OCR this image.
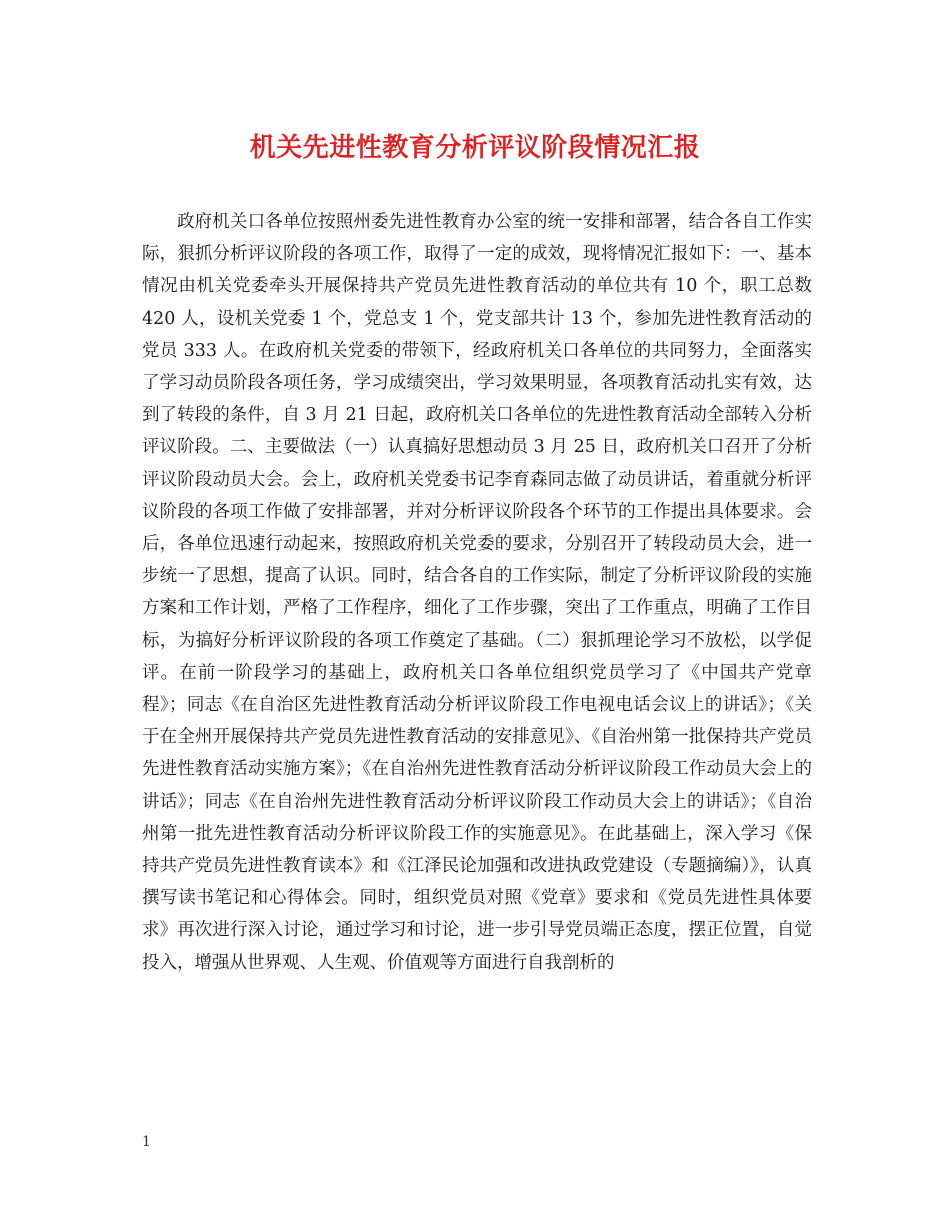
机关先进性教育分析评议阶段情况汇报

政府机关口各单位按照州委先进性教育办公室的统一安排和部署，结合各自工作实际，狠抓分析评议阶段的各项工作，取得了一定的成效，现将情况汇报如下：一、基本情况由机关党委牵头开展保持共产党员先进性教育活动的单位共有 10 个，职工总数 420 人，设机关党委 1 个，党总支 1 个，党支部共计 13 个，参加先进性教育活动的党员 333 人。在政府机关党委的带领下，经政府机关口各单位的共同努力，全面落实了学习动员阶段各项任务，学习成绩突出，学习效果明显，各项教育活动扎实有效，达到了转段的条件，自 3 月 21 日起，政府机关口各单位的先进性教育活动全部转入分析评议阶段。二、主要做法（一）认真搞好思想动员 3 月 25 日，政府机关口召开了分析评议阶段动员大会。会上，政府机关党委书记李育森同志做了动员讲话，着重就分析评议阶段的各项工作做了安排部署，并对分析评议阶段各个环节的工作提出具体要求。会后，各单位迅速行动起来，按照政府机关党委的要求，分别召开了转段动员大会，进一步统一了思想，提高了认识。同时，结合各自的工作实际，制定了分析评议阶段的实施方案和工作计划，严格了工作程序，细化了工作步骤，突出了工作重点，明确了工作目标，为搞好分析评议阶段的各项工作奠定了基础。（二）狠抓理论学习不放松，以学促评。在前一阶段学习的基础上，政府机关口各单位组织党员学习了《中国共产党章程》；同志《在自治区先进性教育活动分析评议阶段工作电视电话会议上的讲话》；《关于在全州开展保持共产党员先进性教育活动的安排意见》、《自治州第一批保持共产党员先进性教育活动实施方案》；《在自治州先进性教育活动分析评议阶段工作动员大会上的讲话》；同志《在自治州先进性教育活动分析评议阶段工作动员大会上的讲话》；《自治州第一批先进性教育活动分析评议阶段工作的实施意见》。在此基础上，深入学习《保持共产党员先进性教育读本》和《江泽民论加强和改进执政党建设（专题摘编）》，认真撰写读书笔记和心得体会。同时，组织党员对照《党章》要求和《党员先进性具体要求》再次进行深入讨论，通过学习和讨论，进一步引导党员端正态度，摆正位置，自觉投入，增强从世界观、人生观、价值观等方面进行自我剖析的

1
